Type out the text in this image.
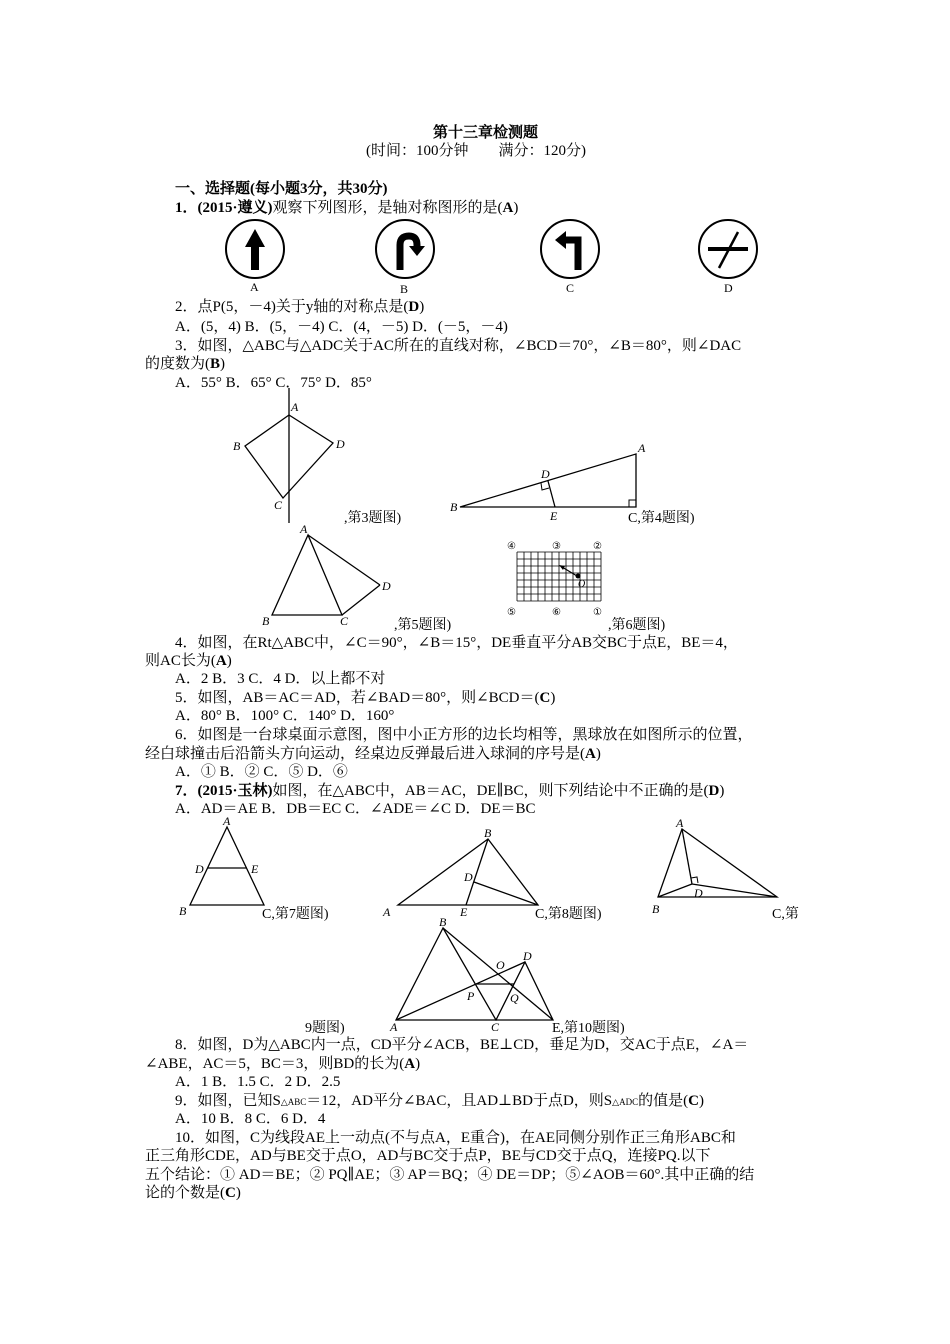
第十三章检测题
(时间：100分钟　　满分：120分)
一、选择题(每小题3分，共30分)
1．(2015·遵义)观察下列图形，是轴对称图形的是(A)
A	B	C	D
2．点P(5，－4)关于y轴的对称点是(D)
A．(5，4) B．(5，－4) C．(4，－5) D．(－5，－4)
3．如图，△ABC与△ADC关于AC所在的直线对称，∠BCD＝70°，∠B＝80°，则∠DAC
的度数为(B)
A．55° B．65° C．75° D．85°
A
B
C
D
,第3题图)
A
B
D
E	C,第4题图)
A
B	C
D
,第5题图)
④	③	②
⑤	⑥	①
O
,第6题图)
4．如图，在Rt△ABC中，∠C＝90°，∠B＝15°，DE垂直平分AB交BC于点E，BE＝4，
则AC长为(A)
A．2 B．3 C．4 D．以上都不对
5．如图，AB＝AC＝AD，若∠BAD＝80°，则∠BCD＝(C)
A．80° B．100° C．140° D．160°
6．如图是一台球桌面示意图，图中小正方形的边长均相等，黑球放在如图所示的位置，
经白球撞击后沿箭头方向运动，经桌边反弹最后进入球洞的序号是(A)
A．① B．② C．⑤ D．⑥
7．(2015·玉林)如图，在△ABC中，AB＝AC，DE∥BC，则下列结论中不正确的是(D)
A．AD＝AE B．DB＝EC C．∠ADE＝∠C D．DE＝BC
A
B
D	E
C,第7题图)
B
A
D
E	C,第8题图)
A
B
D
C,第
9题图)
B
A	C
D
O
P	Q
E,第10题图)
8．如图，D为△ABC内一点，CD平分∠ACB，BE⊥CD，垂足为D，交AC于点E，∠A＝
∠ABE，AC＝5，BC＝3，则BD的长为(A)
A．1 B．1.5 C．2 D．2.5
9．如图，已知S△ABC＝12，AD平分∠BAC，且AD⊥BD于点D，则S△ADC的值是(C)
A．10 B．8 C．6 D．4
10．如图，C为线段AE上一动点(不与点A，E重合)，在AE同侧分别作正三角形ABC和
正三角形CDE，AD与BE交于点O，AD与BC交于点P，BE与CD交于点Q，连接PQ.以下
五个结论：① AD＝BE；② PQ∥AE；③ AP＝BQ；④ DE＝DP；⑤∠AOB＝60°.其中正确的结
论的个数是(C)
